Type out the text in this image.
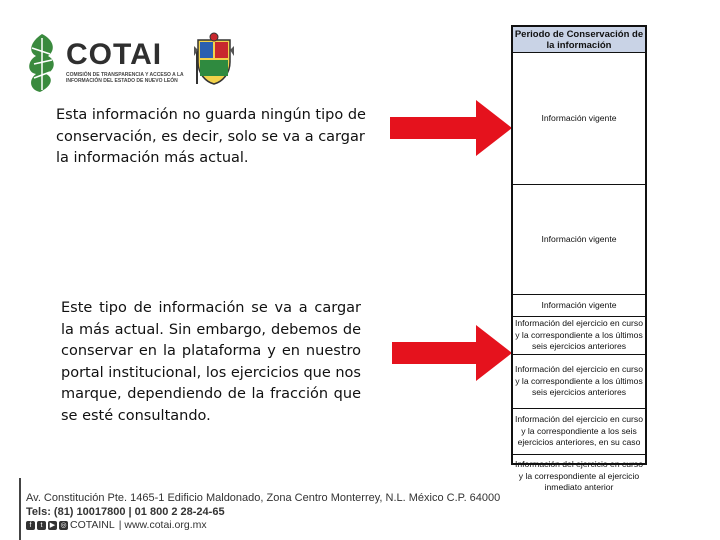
COTAI
COMISIÓN DE TRANSPARENCIA Y ACCESO A LA INFORMACIÓN DEL ESTADO DE NUEVO LEÓN
Esta información no guarda ningún tipo de conservación, es decir, solo se va a cargar la información más actual.
Este tipo de información se va a cargar la más actual. Sin embargo, debemos de conservar en la plataforma y en nuestro portal institucional, los ejercicios que nos marque, dependiendo de la fracción que se esté consultando.
Periodo de Conservación de la información
Información vigente
Información vigente
Información vigente
Información del ejercicio en curso y la correspondiente a los últimos seis ejercicios anteriores
Información del ejercicio en curso y la correspondiente a los últimos seis ejercicios anteriores
Información del ejercicio en curso y la correspondiente a los seis ejercicios anteriores, en su caso
Información del ejercicio en curso y la correspondiente al ejercicio inmediato anterior
Av. Constitución Pte. 1465-1 Edificio Maldonado, Zona Centro Monterrey, N.L. México C.P. 64000
Tels: (81) 10017800 | 01 800 2 28-24-65
f	t	▶ ◎ COTAINL | www.cotai.org.mx
